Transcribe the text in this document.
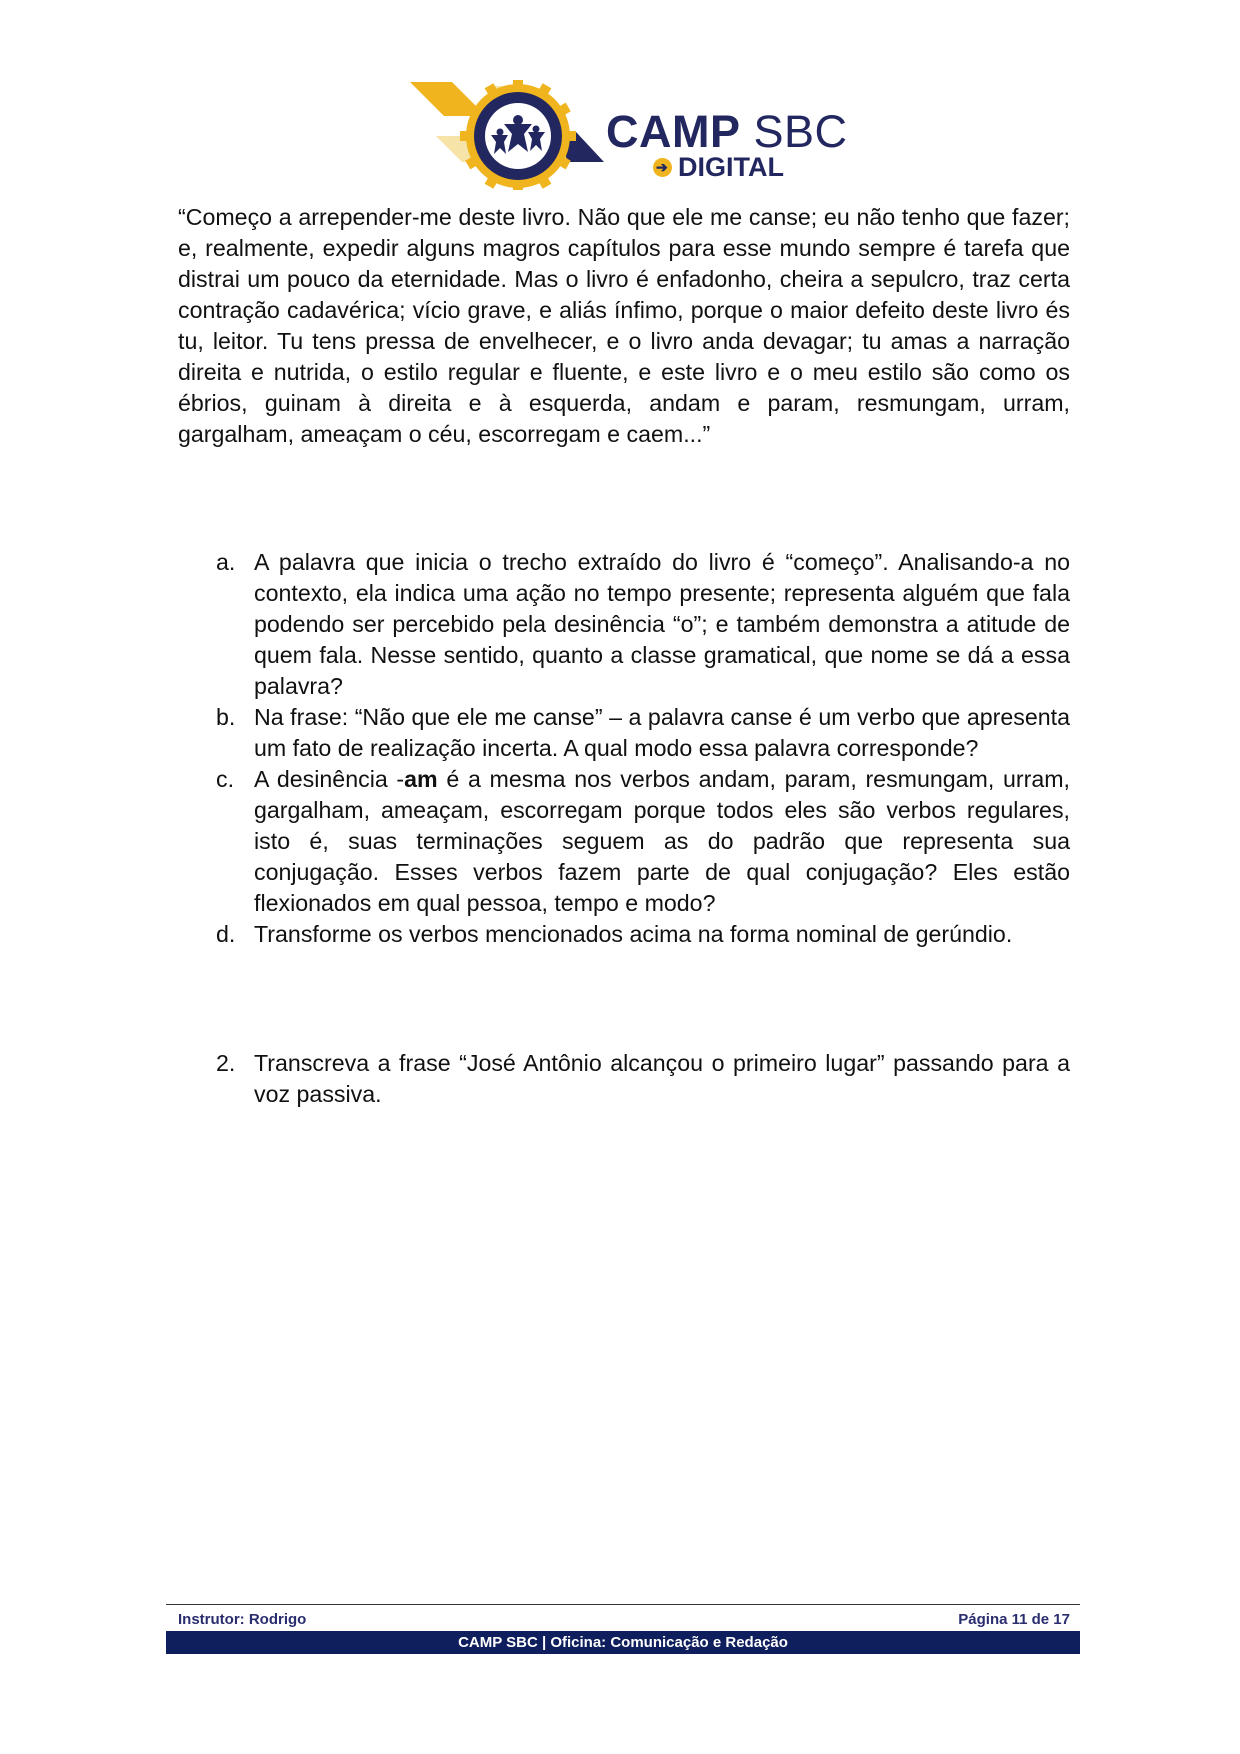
CAMP SBC
➔DIGITAL
“Começo a arrepender-me deste livro. Não que ele me canse; eu não tenho que fazer; e, realmente, expedir alguns magros capítulos para esse mundo sempre é tarefa que distrai um pouco da eternidade. Mas o livro é enfadonho, cheira a sepulcro, traz certa contração cadavérica; vício grave, e aliás ínfimo, porque o maior defeito deste livro és tu, leitor. Tu tens pressa de envelhecer, e o livro anda devagar; tu amas a narração direita e nutrida, o estilo regular e fluente, e este livro e o meu estilo são como os ébrios, guinam à direita e à esquerda, andam e param, resmungam, urram, gargalham, ameaçam o céu, escorregam e caem...”
a. A palavra que inicia o trecho extraído do livro é “começo”. Analisando-a no contexto, ela indica uma ação no tempo presente; representa alguém que fala podendo ser percebido pela desinência “o”; e também demonstra a atitude de quem fala. Nesse sentido, quanto a classe gramatical, que nome se dá a essa palavra?
b. Na frase: “Não que ele me canse” – a palavra canse é um verbo que apresenta um fato de realização incerta. A qual modo essa palavra corresponde?
c. A desinência -am é a mesma nos verbos andam, param, resmungam, urram, gargalham, ameaçam, escorregam porque todos eles são verbos regulares, isto é, suas terminações seguem as do padrão que representa sua conjugação. Esses verbos fazem parte de qual conjugação? Eles estão flexionados em qual pessoa, tempo e modo?
d. Transforme os verbos mencionados acima na forma nominal de gerúndio.
2. Transcreva a frase “José Antônio alcançou o primeiro lugar” passando para a voz passiva.
Instrutor: Rodrigo	Página 11 de 17
CAMP SBC | Oficina: Comunicação e Redação
